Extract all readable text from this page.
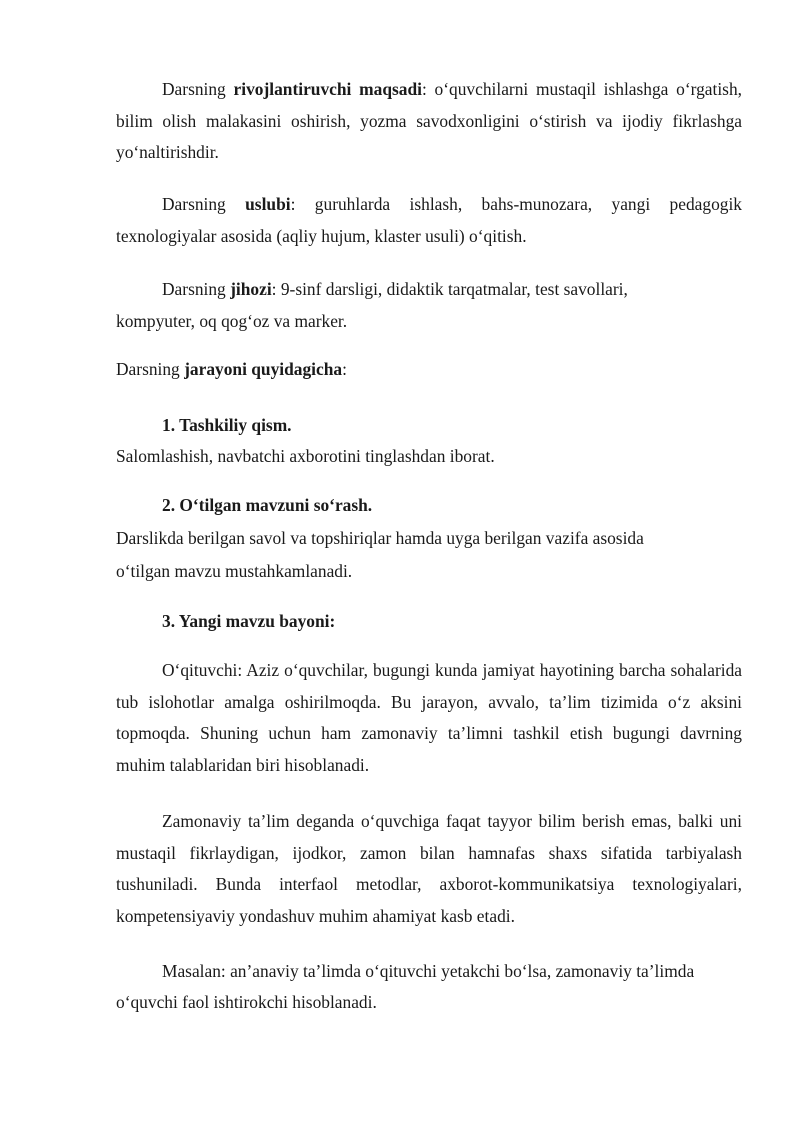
Darsning rivojlantiruvchi maqsadi: o‘quvchilarni mustaqil ishlashga o‘rgatish, bilim olish malakasini oshirish, yozma savodxonligini o‘stirish va ijodiy fikrlashga yo‘naltirishdir.

Darsning uslubi: guruhlarda ishlash, bahs-munozara, yangi pedagogik texnologiyalar asosida (aqliy hujum, klaster usuli) o‘qitish.

Darsning jihozi: 9-sinf darsligi, didaktik tarqatmalar, test savollari,

kompyuter, oq qog‘oz va marker.

Darsning jarayoni quyidagicha:

1. Tashkiliy qism.

Salomlashish, navbatchi axborotini tinglashdan iborat.

2. O‘tilgan mavzuni so‘rash.

Darslikda berilgan savol va topshiriqlar hamda uyga berilgan vazifa asosida

o‘tilgan mavzu mustahkamlanadi.

3. Yangi mavzu bayoni:

O‘qituvchi: Aziz o‘quvchilar, bugungi kunda jamiyat hayotining barcha sohalarida tub islohotlar amalga oshirilmoqda. Bu jarayon, avvalo, ta’lim tizimida o‘z aksini topmoqda. Shuning uchun ham zamonaviy ta’limni tashkil etish bugungi davrning muhim talablaridan biri hisoblanadi.

Zamonaviy ta’lim deganda o‘quvchiga faqat tayyor bilim berish emas, balki uni mustaqil fikrlaydigan, ijodkor, zamon bilan hamnafas shaxs sifatida tarbiyalash tushuniladi. Bunda interfaol metodlar, axborot-kommunikatsiya texnologiyalari, kompetensiyaviy yondashuv muhim ahamiyat kasb etadi.

Masalan: an’anaviy ta’limda o‘qituvchi yetakchi bo‘lsa, zamonaviy ta’limda

o‘quvchi faol ishtirokchi hisoblanadi.
